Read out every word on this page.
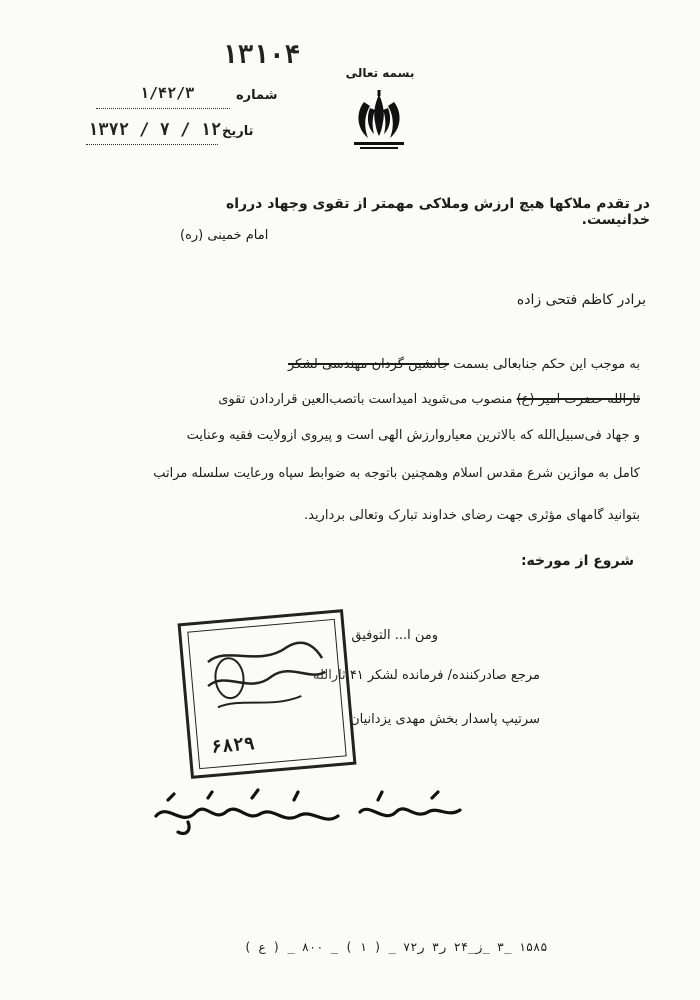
۱۳۱۰۴
بسمه تعالی
شماره
۱/۴۲/۳
تاریخ
۱۳۷۲ / ۷ / ۱۲
در تقدم ملاکها هیچ ارزش وملاکی مهمتر از تقوی وجهاد درراه خدانیست.
امام خمینی (ره)
برادر کاظم فتحی زاده
به موجب این حکم جنابعالی بسمت جانشین گردان مهندسی لشکر
ثارالله حضرت امیر (ع) منصوب می‌شوید امیداست باتصب‌العین قراردادن تقوی
و جهاد فی‌سبیل‌الله که بالاترین معیاروارزش الهی است و پیروی ازولایت فقیه وعنایت
کامل به موازین شرع مقدس اسلام وهمچنین باتوجه به ضوابط سپاه ورعایت سلسله مراتب
بتوانید گامهای مؤثری جهت رضای خداوند تبارک وتعالی بردارید.
شروع از مورخه:
ومن ا... التوفیق
مرجع صادرکننده/ فرمانده لشکر ۴۱ ثارالله
سرتیپ پاسدار بخش مهدی یزدانیان
۶۸۲۹
۱۵۸۵ _۳ _ز_۲۴ ر۳ ر۷۲ _ ( ۱ ) _ ۸۰۰ _ ( ع )
